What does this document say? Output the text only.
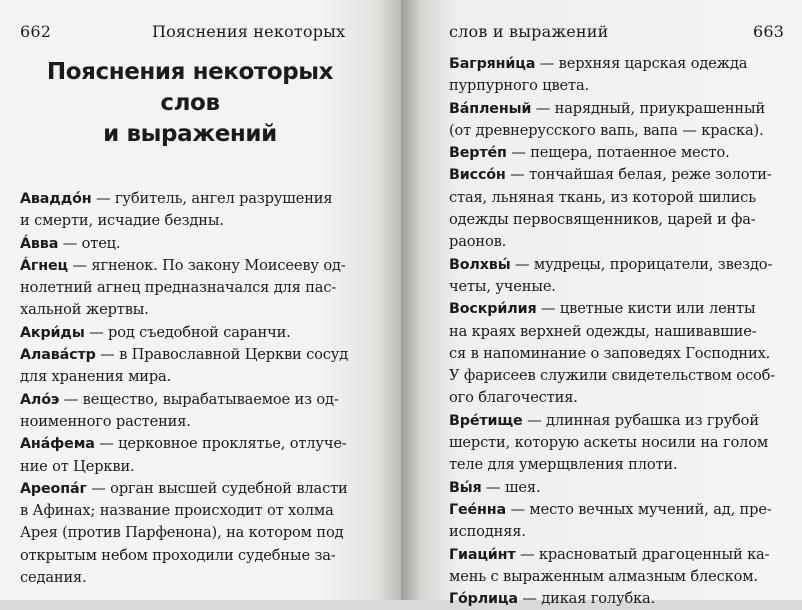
662	Пояснения некоторых
Пояснения некоторых слов
и выражений
Аваддóн — губитель, ангел разрушения
и смерти, исчадие бездны.
Áвва — отец.
Áгнец — ягненок. По закону Моисееву од-
нолетний агнец предназначался для пас-
хальной жертвы.
Акри́ды — род съедобной саранчи.
Алава́стр — в Православной Церкви сосуд
для хранения мира.
Ало́э — вещество, вырабатываемое из од-
ноименного растения.
Ана́фема — церковное проклятье, отлуче-
ние от Церкви.
Ареопа́г — орган высшей судебной власти
в Афинах; название происходит от холма
Арея (против Парфенона), на котором под
открытым небом проходили судебные за-
седания.
слов и выражений	663
Багряни́ца — верхняя царская одежда
пурпурного цвета.
Ва́пленый — нарядный, приукрашенный
(от древнерусского вапь, вапа — краска).
Верте́п — пещера, потаенное место.
Виссо́н — тончайшая белая, реже золоти-
стая, льняная ткань, из которой шились
одежды первосвященников, царей и фа-
раонов.
Волхвы́ — мудрецы, прорицатели, звездо-
четы, ученые.
Воскри́лия — цветные кисти или ленты
на краях верхней одежды, нашивавшие-
ся в напоминание о заповедях Господних.
У фарисеев служили свидетельством особ-
ого благочестия.
Вре́тище — длинная рубашка из грубой
шерсти, которую аскеты носили на голом
теле для умерщвления плоти.
Вы́я — шея.
Гее́нна — место вечных мучений, ад, пре-
исподняя.
Гиаци́нт — красноватый драгоценный ка-
мень с выраженным алмазным блеском.
Го́рлица — дикая голубка.
